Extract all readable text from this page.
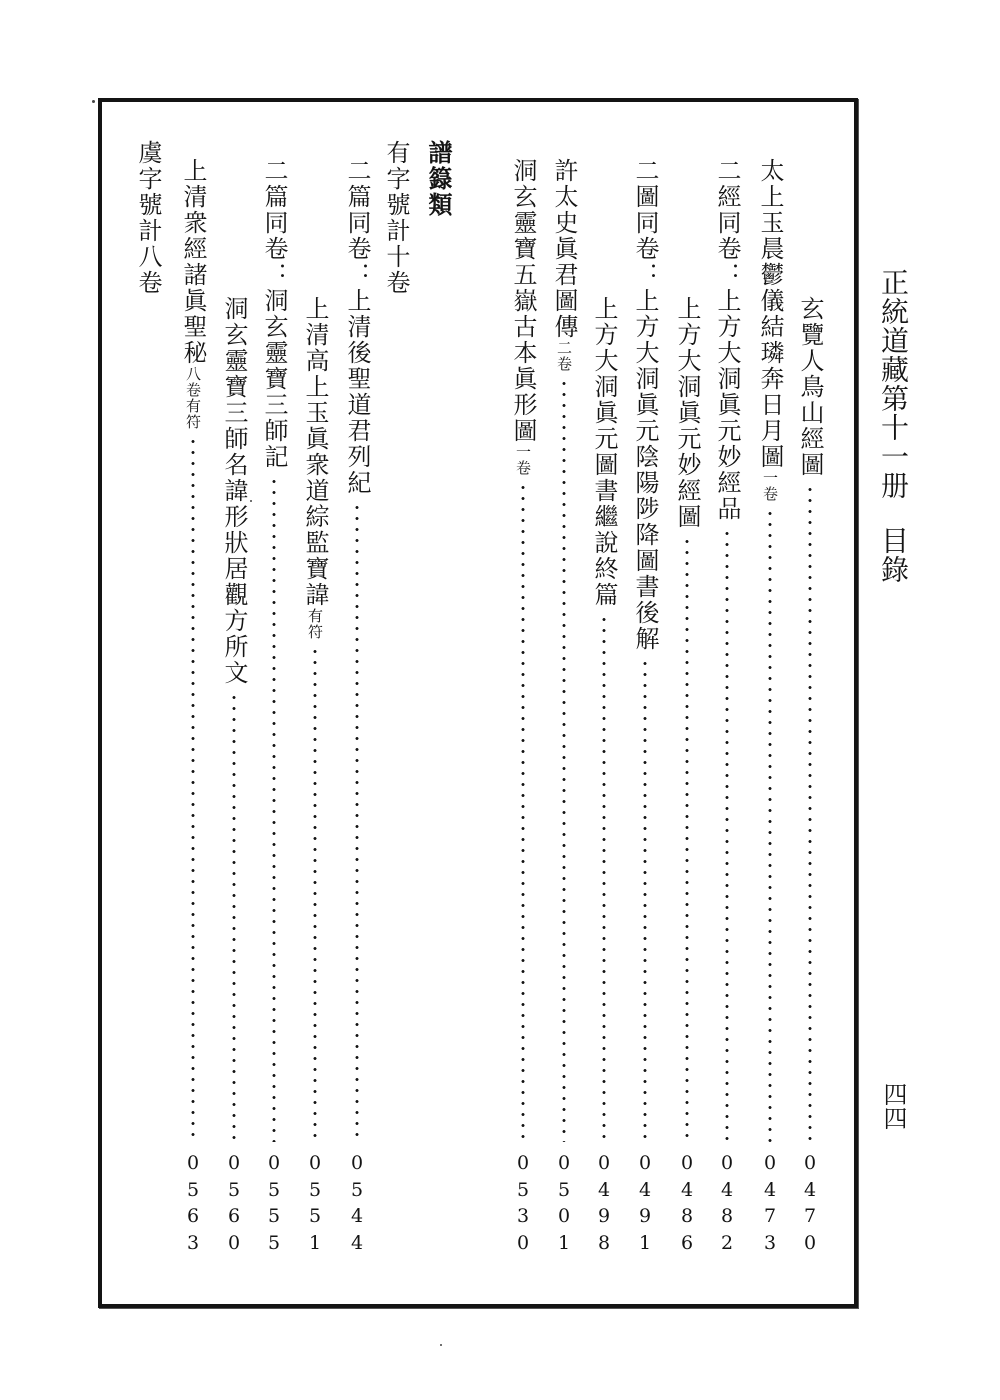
正統道藏第十一册目錄
四四
玄覽人鳥山經圖
0
4
7
0
太上玉晨鬱儀結璘奔日月圖一卷
0
4
7
3
二經同卷：上方大洞眞元妙經品
0
4
8
2
上方大洞眞元妙經圖
0
4
8
6
二圖同卷：上方大洞眞元陰陽陟降圖書後解
0
4
9
1
上方大洞眞元圖書繼說終篇
0
4
9
8
許太史眞君圖傳二卷
0
5
0
1
洞玄靈寶五嶽古本眞形圖一卷
0
5
3
0
譜籙類
有字號計十卷
二篇同卷：上清後聖道君列紀
0
5
4
4
上清高上玉眞衆道綜監寶諱有符
0
5
5
1
二篇同卷：洞玄靈寶三師記
0
5
5
5
洞玄靈寶三師名諱形狀居觀方所文
0
5
6
0
上清衆經諸眞聖秘八卷有符
0
5
6
3
虞字號計八卷
